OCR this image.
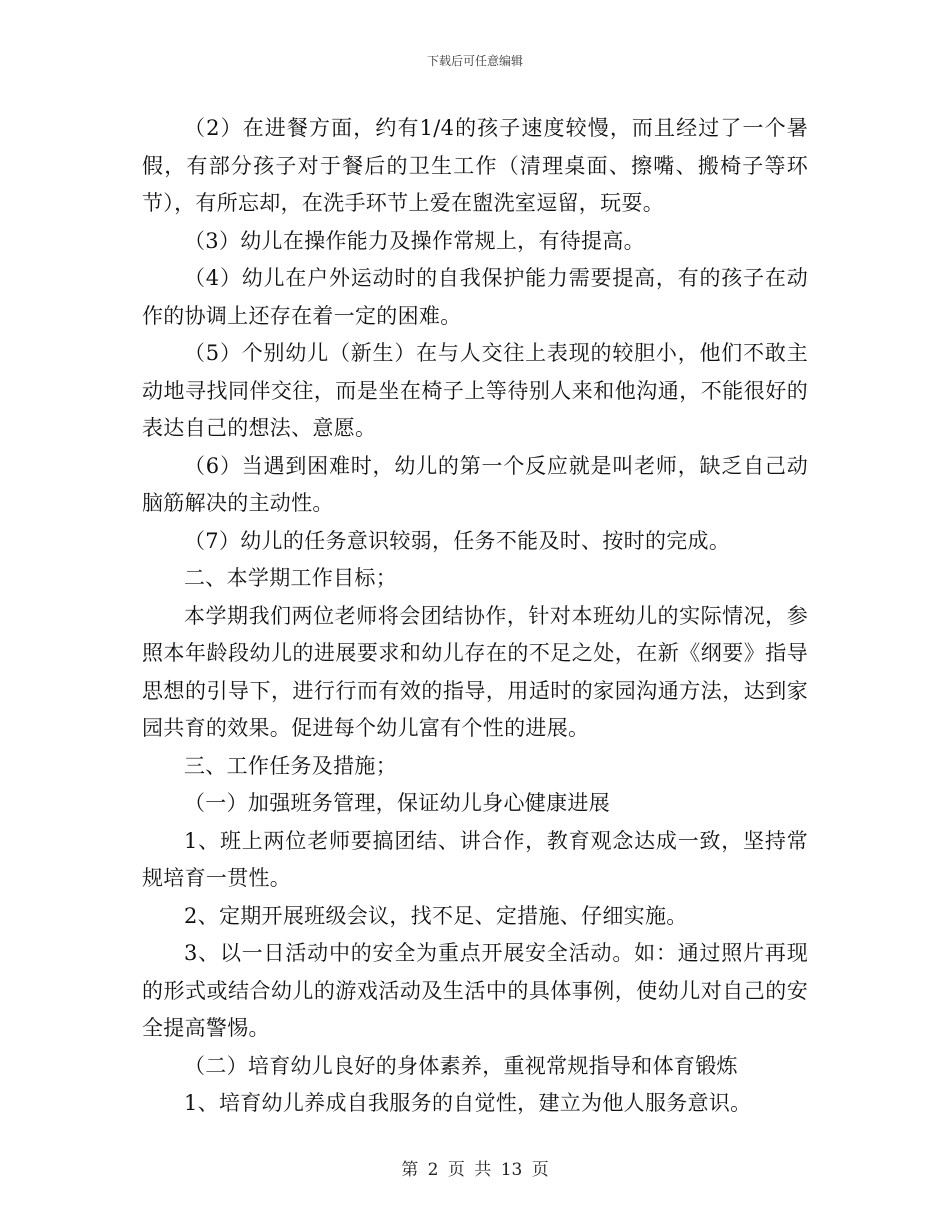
下载后可任意编辑

（2）在进餐方面，约有1/4的孩子速度较慢，而且经过了一个暑假，有部分孩子对于餐后的卫生工作（清理桌面、擦嘴、搬椅子等环节），有所忘却，在洗手环节上爱在盥洗室逗留，玩耍。

（3）幼儿在操作能力及操作常规上，有待提高。

（4）幼儿在户外运动时的自我保护能力需要提高，有的孩子在动作的协调上还存在着一定的困难。

（5）个别幼儿（新生）在与人交往上表现的较胆小，他们不敢主动地寻找同伴交往，而是坐在椅子上等待别人来和他沟通，不能很好的表达自己的想法、意愿。

（6）当遇到困难时，幼儿的第一个反应就是叫老师，缺乏自己动脑筋解决的主动性。

（7）幼儿的任务意识较弱，任务不能及时、按时的完成。

二、本学期工作目标；

本学期我们两位老师将会团结协作，针对本班幼儿的实际情况，参照本年龄段幼儿的进展要求和幼儿存在的不足之处，在新《纲要》指导思想的引导下，进行行而有效的指导，用适时的家园沟通方法，达到家园共育的效果。促进每个幼儿富有个性的进展。

三、工作任务及措施；

（一）加强班务管理，保证幼儿身心健康进展

1、班上两位老师要搞团结、讲合作，教育观念达成一致，坚持常规培育一贯性。

2、定期开展班级会议，找不足、定措施、仔细实施。

3、以一日活动中的安全为重点开展安全活动。如：通过照片再现的形式或结合幼儿的游戏活动及生活中的具体事例，使幼儿对自己的安全提高警惕。

（二）培育幼儿良好的身体素养，重视常规指导和体育锻炼

1、培育幼儿养成自我服务的自觉性，建立为他人服务意识。

第 2 页 共 13 页
